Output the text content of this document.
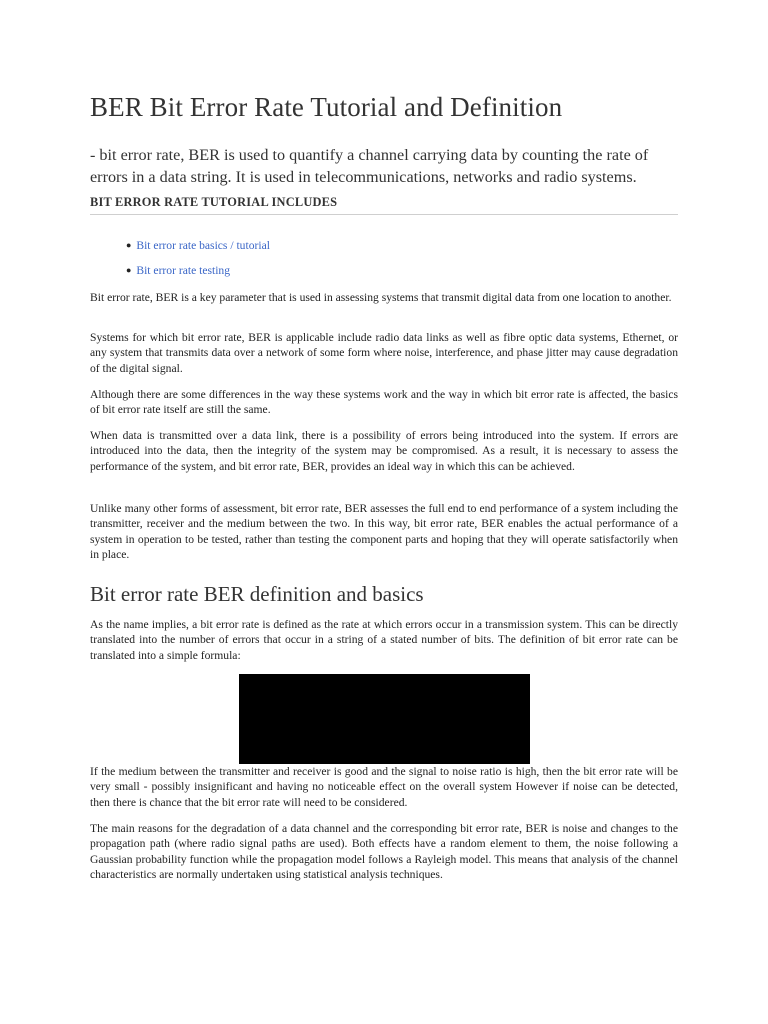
BER Bit Error Rate Tutorial and Definition

- bit error rate, BER is used to quantify a channel carrying data by counting the rate of errors in a data string. It is used in telecommunications, networks and radio systems.

BIT ERROR RATE TUTORIAL INCLUDES
● Bit error rate basics / tutorial
● Bit error rate testing

Bit error rate, BER is a key parameter that is used in assessing systems that transmit digital data from one location to another.

Systems for which bit error rate, BER is applicable include radio data links as well as fibre optic data systems, Ethernet, or any system that transmits data over a network of some form where noise, interference, and phase jitter may cause degradation of the digital signal.

Although there are some differences in the way these systems work and the way in which bit error rate is affected, the basics of bit error rate itself are still the same.

When data is transmitted over a data link, there is a possibility of errors being introduced into the system. If errors are introduced into the data, then the integrity of the system may be compromised. As a result, it is necessary to assess the performance of the system, and bit error rate, BER, provides an ideal way in which this can be achieved.

Unlike many other forms of assessment, bit error rate, BER assesses the full end to end performance of a system including the transmitter, receiver and the medium between the two. In this way, bit error rate, BER enables the actual performance of a system in operation to be tested, rather than testing the component parts and hoping that they will operate satisfactorily when in place.

Bit error rate BER definition and basics

As the name implies, a bit error rate is defined as the rate at which errors occur in a transmission system. This can be directly translated into the number of errors that occur in a string of a stated number of bits. The definition of bit error rate can be translated into a simple formula:

If the medium between the transmitter and receiver is good and the signal to noise ratio is high, then the bit error rate will be very small - possibly insignificant and having no noticeable effect on the overall system However if noise can be detected, then there is chance that the bit error rate will need to be considered.

The main reasons for the degradation of a data channel and the corresponding bit error rate, BER is noise and changes to the propagation path (where radio signal paths are used). Both effects have a random element to them, the noise following a Gaussian probability function while the propagation model follows a Rayleigh model. This means that analysis of the channel characteristics are normally undertaken using statistical analysis techniques.
